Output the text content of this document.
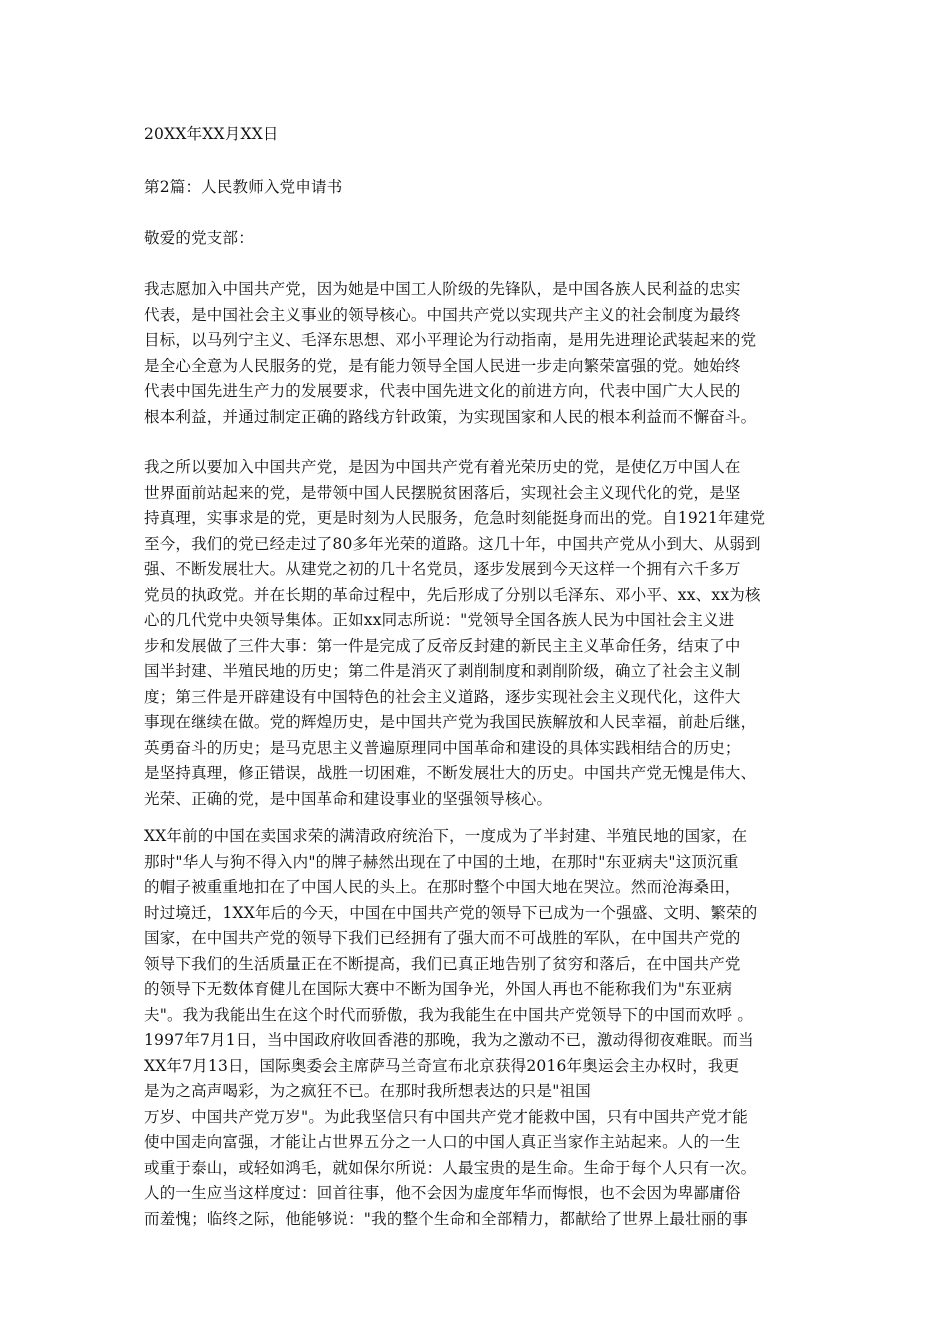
20XX年XX月XX日
第2篇：人民教师入党申请书
敬爱的党支部：
我志愿加入中国共产党，因为她是中国工人阶级的先锋队，是中国各族人民利益的忠实
代表，是中国社会主义事业的领导核心。中国共产党以实现共产主义的社会制度为最终
目标，以马列宁主义、毛泽东思想、邓小平理论为行动指南，是用先进理论武装起来的党
是全心全意为人民服务的党，是有能力领导全国人民进一步走向繁荣富强的党。她始终
代表中国先进生产力的发展要求，代表中国先进文化的前进方向，代表中国广大人民的
根本利益，并通过制定正确的路线方针政策，为实现国家和人民的根本利益而不懈奋斗。
我之所以要加入中国共产党，是因为中国共产党有着光荣历史的党，是使亿万中国人在
世界面前站起来的党，是带领中国人民摆脱贫困落后，实现社会主义现代化的党，是坚
持真理，实事求是的党，更是时刻为人民服务，危急时刻能挺身而出的党。自1921年建党
至今，我们的党已经走过了80多年光荣的道路。这几十年，中国共产党从小到大、从弱到
强、不断发展壮大。从建党之初的几十名党员，逐步发展到今天这样一个拥有六千多万
党员的执政党。并在长期的革命过程中，先后形成了分别以毛泽东、邓小平、xx、xx为核
心的几代党中央领导集体。正如xx同志所说："党领导全国各族人民为中国社会主义进
步和发展做了三件大事：第一件是完成了反帝反封建的新民主主义革命任务，结束了中
国半封建、半殖民地的历史；第二件是消灭了剥削制度和剥削阶级，确立了社会主义制
度；第三件是开辟建设有中国特色的社会主义道路，逐步实现社会主义现代化，这件大
事现在继续在做。党的辉煌历史，是中国共产党为我国民族解放和人民幸福，前赴后继，
英勇奋斗的历史；是马克思主义普遍原理同中国革命和建设的具体实践相结合的历史；
是坚持真理，修正错误，战胜一切困难，不断发展壮大的历史。中国共产党无愧是伟大、
光荣、正确的党，是中国革命和建设事业的坚强领导核心。
XX年前的中国在卖国求荣的满清政府统治下，一度成为了半封建、半殖民地的国家，在
那时"华人与狗不得入内"的牌子赫然出现在了中国的土地，在那时"东亚病夫"这顶沉重
的帽子被重重地扣在了中国人民的头上。在那时整个中国大地在哭泣。然而沧海桑田，
时过境迁，1XX年后的今天，中国在中国共产党的领导下已成为一个强盛、文明、繁荣的
国家，在中国共产党的领导下我们已经拥有了强大而不可战胜的军队，在中国共产党的
领导下我们的生活质量正在不断提高，我们已真正地告别了贫穷和落后，在中国共产党
的领导下无数体育健儿在国际大赛中不断为国争光，外国人再也不能称我们为"东亚病
夫"。我为我能出生在这个时代而骄傲，我为我能生在中国共产党领导下的中国而欢呼 。
1997年7月1日，当中国政府收回香港的那晚，我为之激动不已，激动得彻夜难眠。而当
XX年7月13日，国际奥委会主席萨马兰奇宣布北京获得2016年奥运会主办权时，我更
是为之高声喝彩，为之疯狂不已。在那时我所想表达的只是"祖国
万岁、中国共产党万岁"。为此我坚信只有中国共产党才能救中国，只有中国共产党才能
使中国走向富强，才能让占世界五分之一人口的中国人真正当家作主站起来。人的一生
或重于泰山，或轻如鸿毛，就如保尔所说：人最宝贵的是生命。生命于每个人只有一次。
人的一生应当这样度过：回首往事，他不会因为虚度年华而悔恨，也不会因为卑鄙庸俗
而羞愧；临终之际，他能够说："我的整个生命和全部精力，都献给了世界上最壮丽的事
